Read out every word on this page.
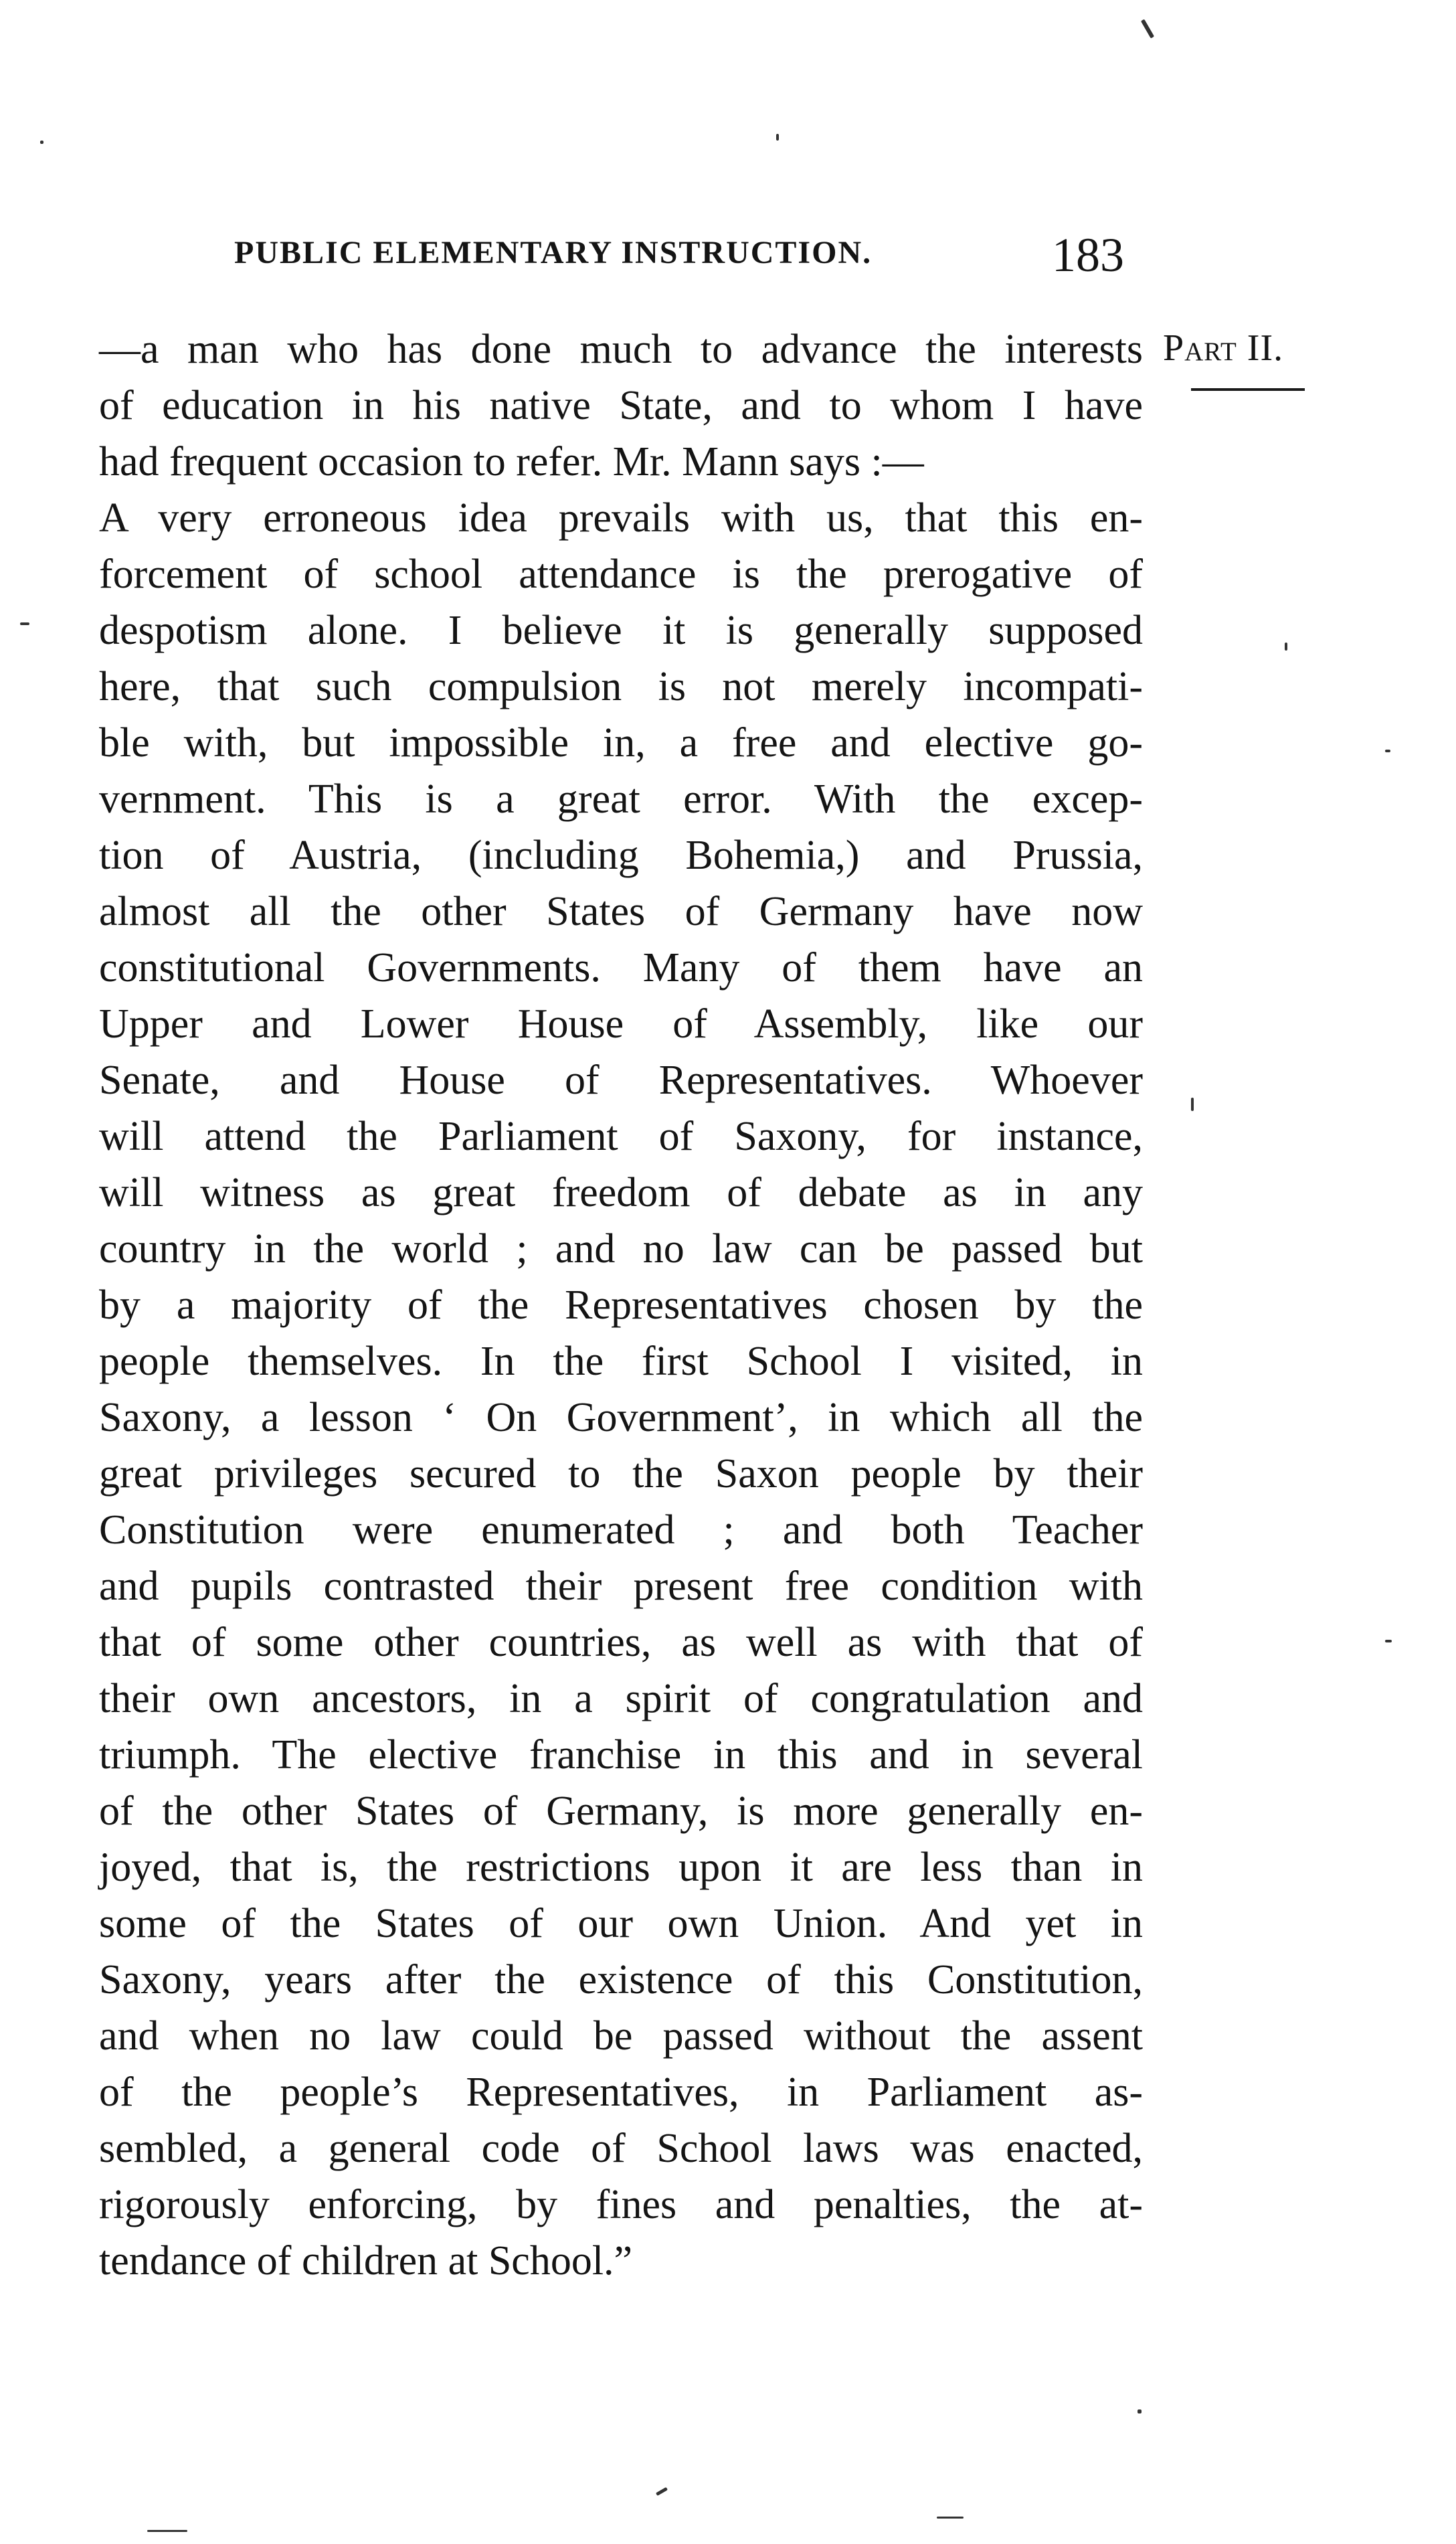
PUBLIC ELEMENTARY INSTRUCTION.	183
Part II.
—a man who has done much to advance the interests
of education in his native State, and to whom I have
had frequent occasion to refer. Mr. Mann says :—
A very erroneous idea prevails with us, that this en-
forcement of school attendance is the prerogative of
despotism alone. I believe it is generally supposed
here, that such compulsion is not merely incompati-
ble with, but impossible in, a free and elective go-
vernment. This is a great error. With the excep-
tion of Austria, (including Bohemia,) and Prussia,
almost all the other States of Germany have now
constitutional Governments. Many of them have an
Upper and Lower House of Assembly, like our
Senate, and House of Representatives. Whoever
will attend the Parliament of Saxony, for instance,
will witness as great freedom of debate as in any
country in the world ; and no law can be passed but
by a majority of the Representatives chosen by the
people themselves. In the first School I visited, in
Saxony, a lesson ‘ On Government’, in which all the
great privileges secured to the Saxon people by their
Constitution were enumerated ; and both Teacher
and pupils contrasted their present free condition with
that of some other countries, as well as with that of
their own ancestors, in a spirit of congratulation and
triumph. The elective franchise in this and in several
of the other States of Germany, is more generally en-
joyed, that is, the restrictions upon it are less than in
some of the States of our own Union. And yet in
Saxony, years after the existence of this Constitution,
and when no law could be passed without the assent
of the people’s Representatives, in Parliament as-
sembled, a general code of School laws was enacted,
rigorously enforcing, by fines and penalties, the at-
tendance of children at School.”
